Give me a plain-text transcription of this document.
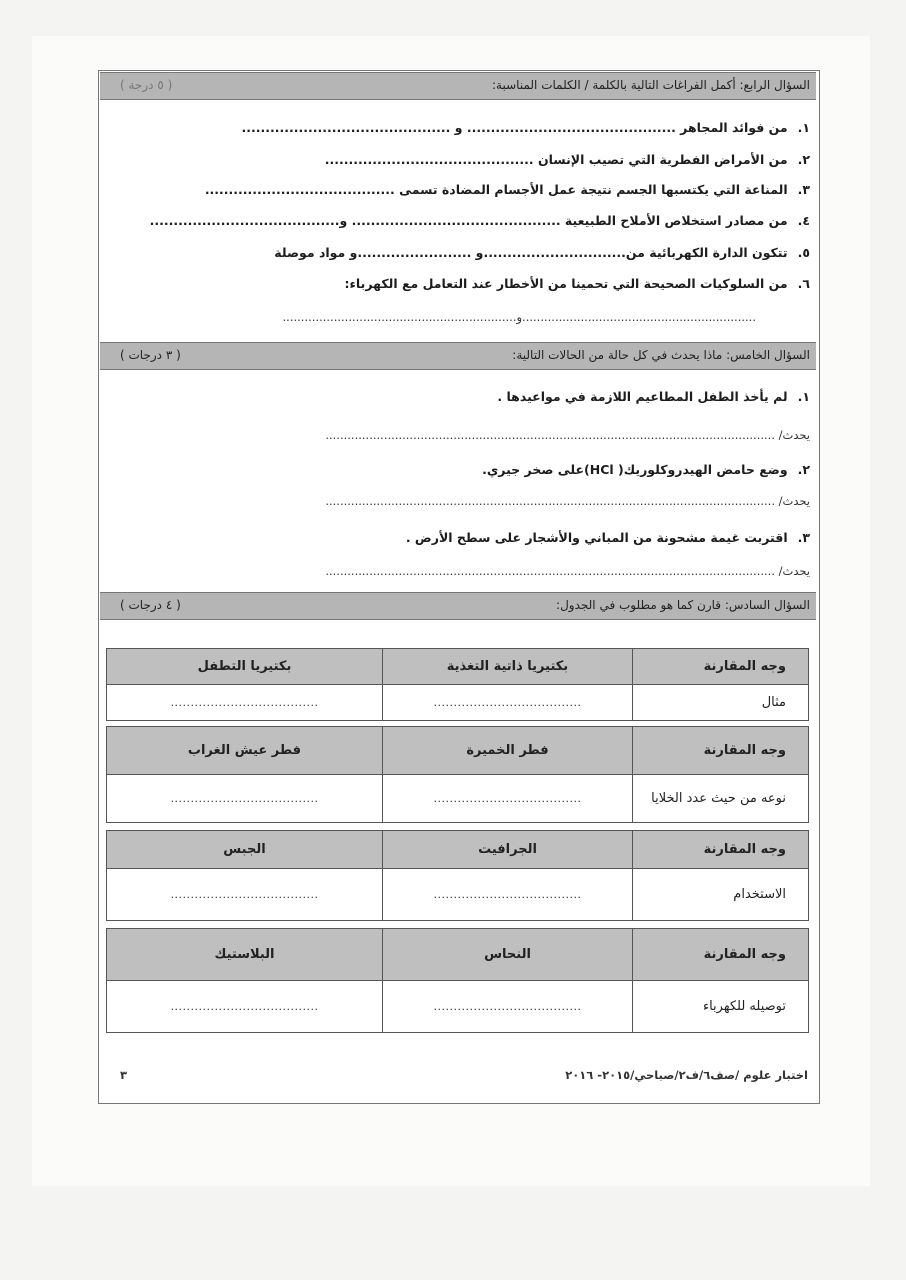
السؤال الرابع: أكمل الفراغات التالية بالكلمة / الكلمات المناسبة:
( ٥ درجة )
١.من فوائد المجاهر ............................................ و ............................................
٢.من الأمراض الفطرية التي تصيب الإنسان ............................................
٣.المناعة التي يكتسبها الجسم نتيجة عمل الأجسام المضادة تسمى ........................................
٤.من مصادر استخلاص الأملاح الطبيعية ............................................ و........................................
٥.تتكون الدارة الكهربائية من..............................و ........................و مواد موصلة
٦.من السلوكيات الصحيحة التي تحمينا من الأخطار عند التعامل مع الكهرباء:
................................................................و................................................................
السؤال الخامس: ماذا يحدث في كل حالة من الحالات التالية:
( ٣ درجات )
١.لم يأخذ الطفل المطاعيم اللازمة في مواعيدها .
يحدث/ ...........................................................................................................................
٢.وضع حامض الهيدروكلوريك( HCl)على صخر جيري.
يحدث/ ...........................................................................................................................
٣.اقتربت غيمة مشحونة من المباني والأشجار على سطح الأرض .
يحدث/ ...........................................................................................................................
السؤال السادس: قارن كما هو مطلوب في الجدول:
( ٤ درجات )
وجه المقارنة	بكتيريا ذاتية التغذية	بكتيريا التطفل
مثال	.....................................	.....................................
وجه المقارنة	فطر الخميرة	فطر عيش الغراب
نوعه من حيث عدد الخلايا	.....................................	.....................................
وجه المقارنة	الجرافيت	الجبس
الاستخدام	.....................................	.....................................
وجه المقارنة	النحاس	البلاستيك
توصيله للكهرباء	.....................................	.....................................
اختبار علوم /صف٦/ف٢/صباحي/٢٠١٥- ٢٠١٦
٣
